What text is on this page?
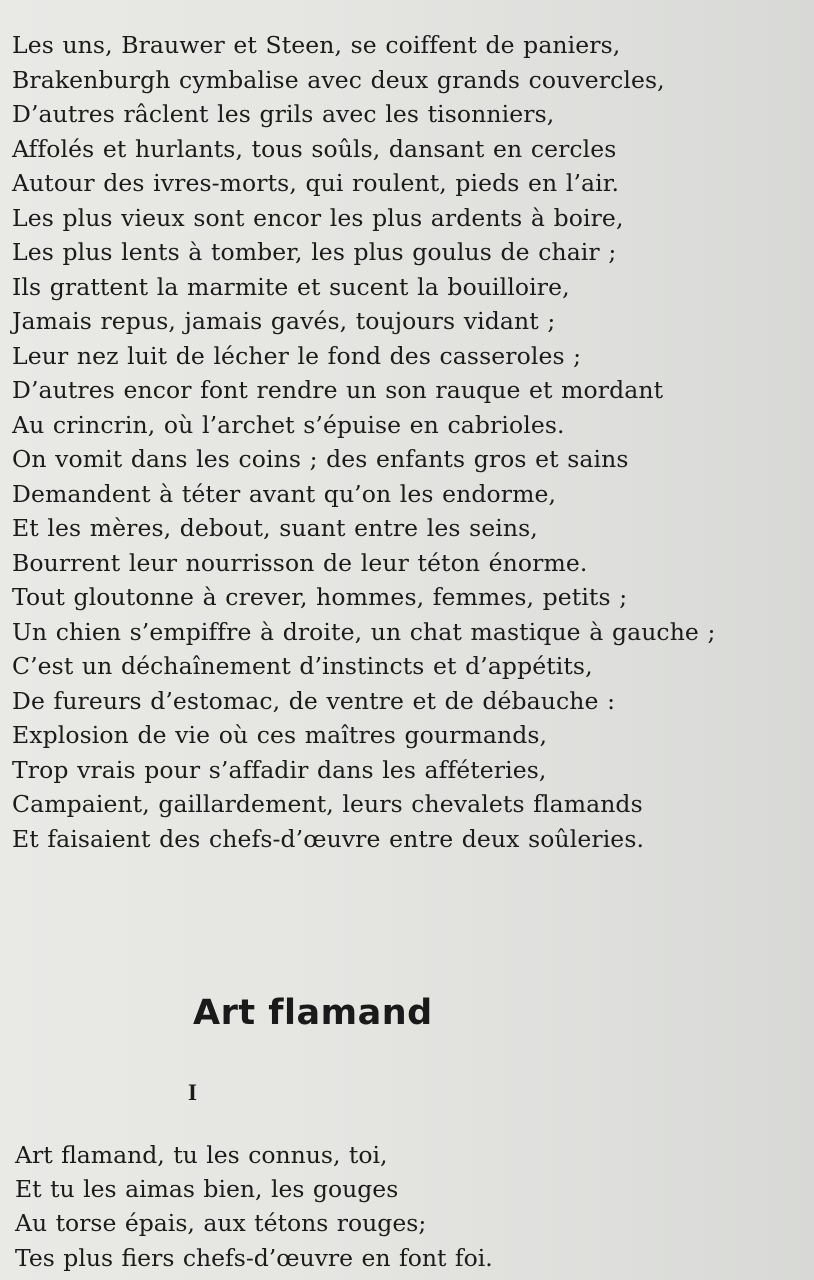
Les uns, Brauwer et Steen, se coiffent de paniers,
Brakenburgh cymbalise avec deux grands couvercles,
D’autres râclent les grils avec les tisonniers,
Affolés et hurlants, tous soûls, dansant en cercles
Autour des ivres-morts, qui roulent, pieds en l’air.
Les plus vieux sont encor les plus ardents à boire,
Les plus lents à tomber, les plus goulus de chair ;
Ils grattent la marmite et sucent la bouilloire,
Jamais repus, jamais gavés, toujours vidant ;
Leur nez luit de lécher le fond des casseroles ;
D’autres encor font rendre un son rauque et mordant
Au crincrin, où l’archet s’épuise en cabrioles.
On vomit dans les coins ; des enfants gros et sains
Demandent à téter avant qu’on les endorme,
Et les mères, debout, suant entre les seins,
Bourrent leur nourrisson de leur téton énorme.
Tout gloutonne à crever, hommes, femmes, petits ;
Un chien s’empiffre à droite, un chat mastique à gauche ;
C’est un déchaînement d’instincts et d’appétits,
De fureurs d’estomac, de ventre et de débauche :
Explosion de vie où ces maîtres gourmands,
Trop vrais pour s’affadir dans les afféteries,
Campaient, gaillardement, leurs chevalets flamands
Et faisaient des chefs-d’œuvre entre deux soûleries.
Art flamand
I
Art flamand, tu les connus, toi,
Et tu les aimas bien, les gouges
Au torse épais, aux tétons rouges;
Tes plus fiers chefs-d’œuvre en font foi.
